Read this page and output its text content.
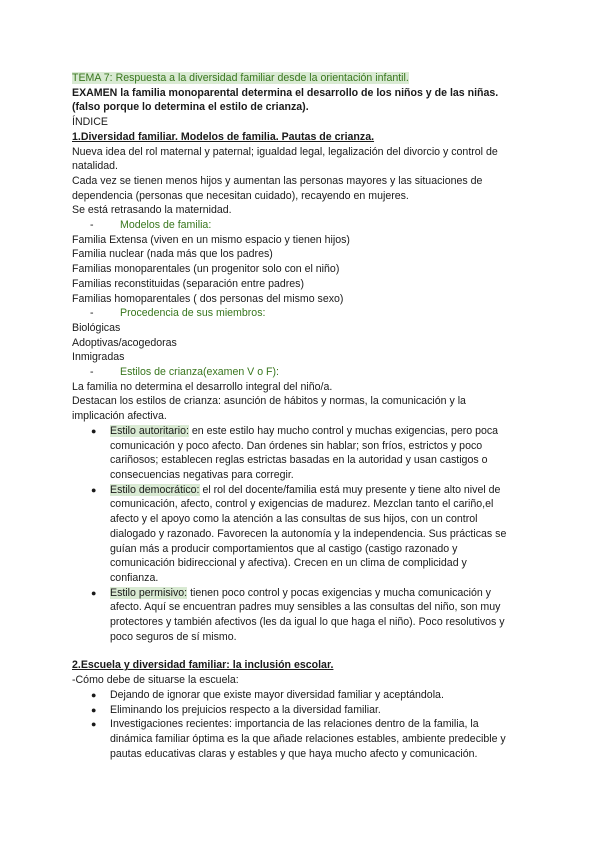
TEMA 7: Respuesta a la diversidad familiar desde la orientación infantil.
EXAMEN la familia monoparental determina el desarrollo de los niños y de las niñas.
(falso porque lo determina el estilo de crianza).
ÍNDICE
1.Diversidad familiar. Modelos de familia. Pautas de crianza.
Nueva idea del rol maternal y paternal; igualdad legal, legalización del divorcio y control de
natalidad.
Cada vez se tienen menos hijos y aumentan las personas mayores y las situaciones de
dependencia (personas que necesitan cuidado), recayendo en mujeres.
Se está retrasando la maternidad.
-	Modelos de familia:
Familia Extensa (viven en un mismo espacio y tienen hijos)
Familia nuclear (nada más que los padres)
Familias monoparentales (un progenitor solo con el niño)
Familias reconstituidas (separación entre padres)
Familias homoparentales ( dos personas del mismo sexo)
-	Procedencia de sus miembros:
Biológicas
Adoptivas/acogedoras
Inmigradas
-	Estilos de crianza(examen V o F):
La familia no determina el desarrollo integral del niño/a.
Destacan los estilos de crianza: asunción de hábitos y normas, la comunicación y la
implicación afectiva.
● Estilo autoritario: en este estilo hay mucho control y muchas exigencias, pero poca
comunicación y poco afecto. Dan órdenes sin hablar; son fríos, estrictos y poco
cariñosos; establecen reglas estrictas basadas en la autoridad y usan castigos o
consecuencias negativas para corregir.
● Estilo democrático: el rol del docente/familia está muy presente y tiene alto nivel de
comunicación, afecto, control y exigencias de madurez. Mezclan tanto el cariño,el
afecto y el apoyo como la atención a las consultas de sus hijos, con un control
dialogado y razonado. Favorecen la autonomía y la independencia. Sus prácticas se
guían más a producir comportamientos que al castigo (castigo razonado y
comunicación bidireccional y afectiva). Crecen en un clima de complicidad y
confianza.
● Estilo permisivo: tienen poco control y pocas exigencias y mucha comunicación y
afecto. Aquí se encuentran padres muy sensibles a las consultas del niño, son muy
protectores y también afectivos (les da igual lo que haga el niño). Poco resolutivos y
poco seguros de sí mismo.
2.Escuela y diversidad familiar: la inclusión escolar.
-Cómo debe de situarse la escuela:
● Dejando de ignorar que existe mayor diversidad familiar y aceptándola.
● Eliminando los prejuicios respecto a la diversidad familiar.
● Investigaciones recientes: importancia de las relaciones dentro de la familia, la
dinámica familiar óptima es la que añade relaciones estables, ambiente predecible y
pautas educativas claras y estables y que haya mucho afecto y comunicación.
